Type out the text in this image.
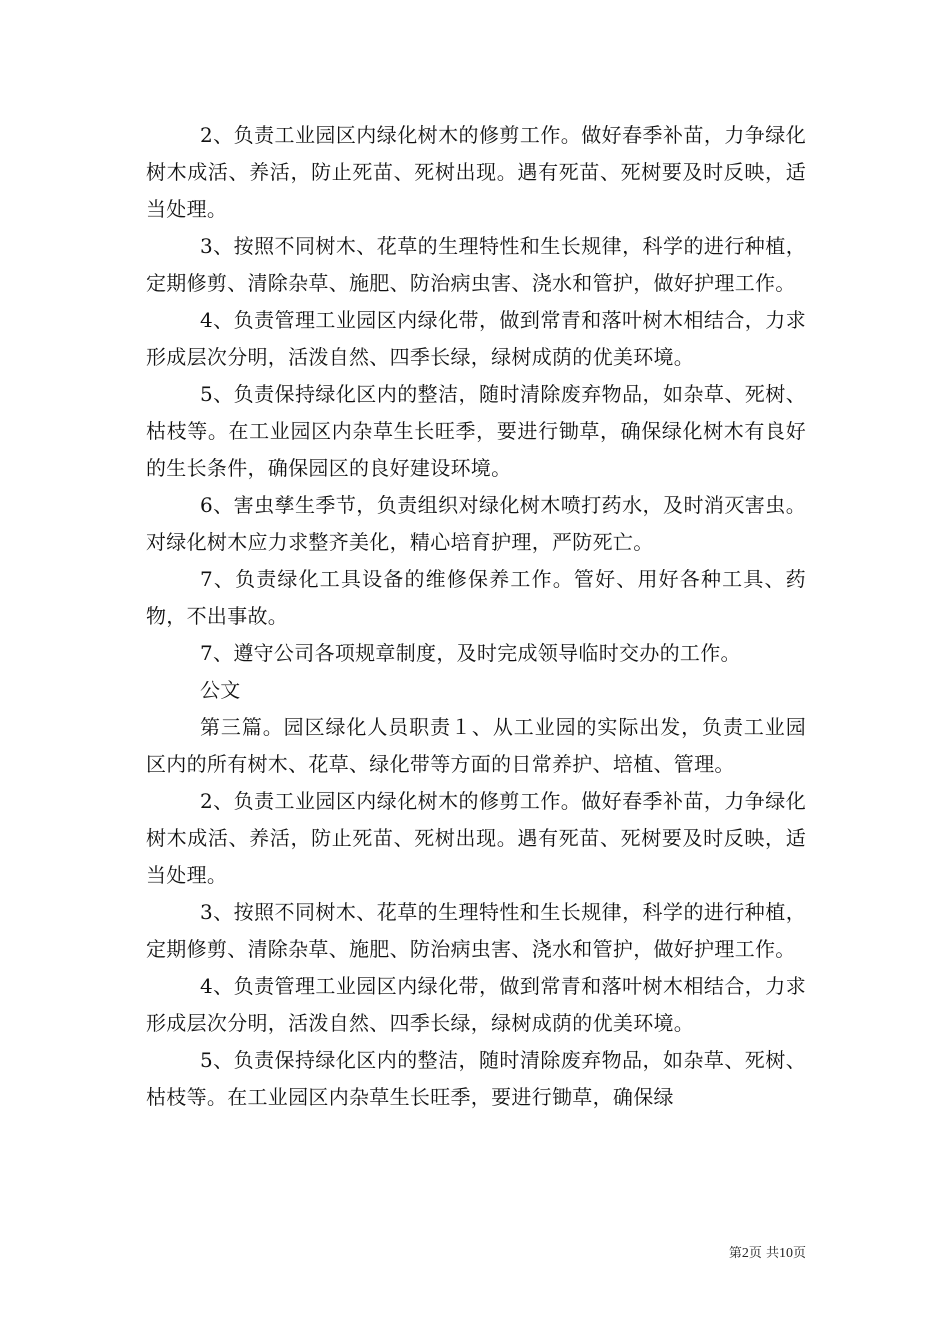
2、负责工业园区内绿化树木的修剪工作。做好春季补苗，力争绿化树木成活、养活，防止死苗、死树出现。遇有死苗、死树要及时反映，适当处理。

3、按照不同树木、花草的生理特性和生长规律，科学的进行种植，定期修剪、清除杂草、施肥、防治病虫害、浇水和管护，做好护理工作。

4、负责管理工业园区内绿化带，做到常青和落叶树木相结合，力求形成层次分明，活泼自然、四季长绿，绿树成荫的优美环境。

5、负责保持绿化区内的整洁，随时清除废弃物品，如杂草、死树、枯枝等。在工业园区内杂草生长旺季，要进行锄草，确保绿化树木有良好的生长条件，确保园区的良好建设环境。

6、害虫孳生季节，负责组织对绿化树木喷打药水，及时消灭害虫。对绿化树木应力求整齐美化，精心培育护理，严防死亡。

7、负责绿化工具设备的维修保养工作。管好、用好各种工具、药物，不出事故。

7、遵守公司各项规章制度，及时完成领导临时交办的工作。

公文

第三篇。园区绿化人员职责１、从工业园的实际出发，负责工业园区内的所有树木、花草、绿化带等方面的日常养护、培植、管理。

2、负责工业园区内绿化树木的修剪工作。做好春季补苗，力争绿化树木成活、养活，防止死苗、死树出现。遇有死苗、死树要及时反映，适当处理。

3、按照不同树木、花草的生理特性和生长规律，科学的进行种植，定期修剪、清除杂草、施肥、防治病虫害、浇水和管护，做好护理工作。

4、负责管理工业园区内绿化带，做到常青和落叶树木相结合，力求形成层次分明，活泼自然、四季长绿，绿树成荫的优美环境。

5、负责保持绿化区内的整洁，随时清除废弃物品，如杂草、死树、枯枝等。在工业园区内杂草生长旺季，要进行锄草，确保绿

第2页 共10页
